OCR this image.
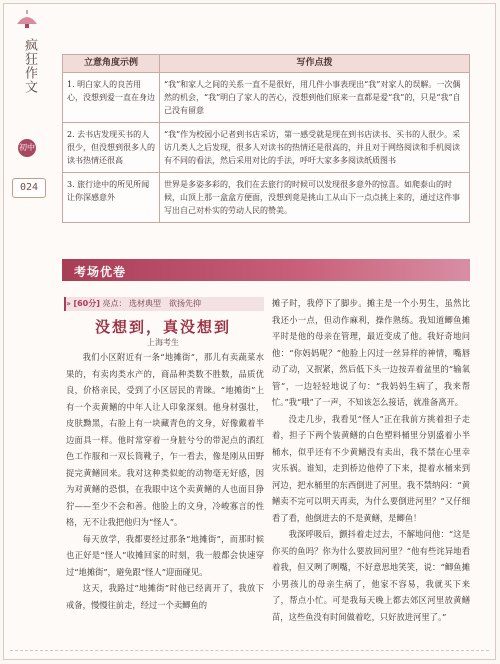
疯狂作文
初中
024
立意角度示例	写作点拨
1. 明白家人的良苦用心，没想到爱一直在身边	“我”和家人之间的关系一直不是很好，用几件小事表现出“我”对家人的误解。一次偶然的机会，“我”明白了家人的苦心，没想到他们原来一直都是爱“我”的，只是“我”自己没有留意
2. 去书店发现买书的人很少，但没想到很多人的读书热情还很高	“我”作为校园小记者到书店采访，第一感受就是现在到书店读书、买书的人很少。采访几类人之后发现，很多人对读书的热情还是很高的，并且对于网络阅读和手机阅读有不同的看法，然后采用对比的手法，呼吁大家多多阅读纸质图书
3. 旅行途中的所见所闻让你深感意外	世界是多姿多彩的，我们在去旅行的时候可以发现很多意外的惊喜。如爬泰山的时候，山顶上那一盒盒方便面，没想到竟是挑山工从山下一点点挑上来的，通过这件事写出自己对朴实的劳动人民的赞美。
考场优卷
» [60分] 亮点： 选材典型　欲扬先抑
没想到，真没想到
上海考生

我们小区附近有一条“地摊街”，那儿有卖蔬菜水果的，有卖肉类水产的，商品种类数不胜数，品质优良，价格亲民，受到了小区居民的青睐。“地摊街”上有一个卖黄鳝的中年人让人印象深刻。他身材强壮，皮肤黝黑，右脸上有一块藏青色的文身，好像戴着半边面具一样。他时常穿着一身脏兮兮的带泥点的酒红色工作服和一双长筒靴子，乍一看去，像是刚从田野捉完黄鳝回来。我对这种类似蛇的动物毫无好感，因为对黄鳝的恐惧，在我眼中这个卖黄鳝的人也面目狰狞——至少不会和善。他脸上的文身，冷峻寡言的性格，无不让我把他归为“怪人”。

每天放学，我都要经过那条“地摊街”，而那时候也正好是“怪人”收摊回家的时刻，我一般都会快速穿过“地摊街”，避免跟“怪人”迎面碰见。

这天，我路过“地摊街”时他已经离开了，我放下戒备，慢慢往前走，经过一个卖鲫鱼的

摊子时，我停下了脚步。摊主是一个小男生，虽然比我还小一点，但动作麻利，操作熟练。我知道鲫鱼摊平时是他的母亲在管理，最近变成了他。我好奇地问他：“你妈妈呢？”他脸上闪过一丝异样的神情，嘴唇动了动，又抿紧，然后低下头一边按弄着盆里的“输氧管”，一边轻轻地说了句：“我妈妈生病了，我来帮忙。”我“哦”了一声，不知该怎么接话，就准备离开。

没走几步，我看见“怪人”正在我前方挑着担子走着，担子下两个装黄鳝的白色塑料桶里分别盛着小半桶水，似乎还有不少黄鳝没有卖出，我不禁在心里幸灾乐祸。谁知，走到桥边他停了下来，提着水桶来到河边，把水桶里的东西倒进了河里。我不禁纳闷：“黄鳝卖不完可以明天再卖，为什么要倒进河里？”又仔细看了看，他倒进去的不是黄鳝，是鲫鱼！

我深呼吸后，颤抖着走过去，不解地问他：“这是你买的鱼吗？你为什么要放回河里？”他有些诧异地看着我，但又咧了咧嘴，不好意思地笑笑，说：“鲫鱼摊小男孩儿的母亲生病了，他家不容易，我就买下来了，帮点小忙。可是我每天晚上都去郊区河里放黄鳝苗，这些鱼没有时间做着吃，只好放进河里了。”
